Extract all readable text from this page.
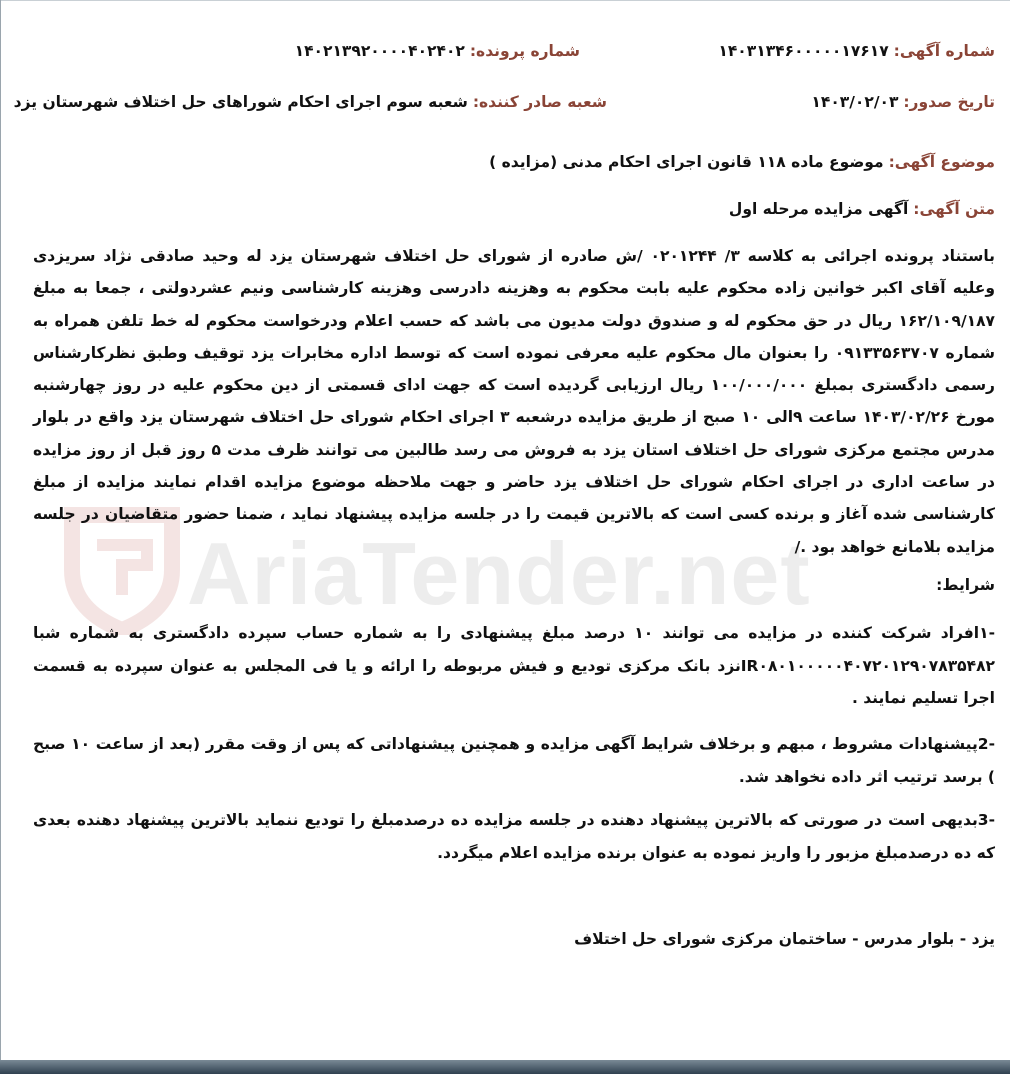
AriaTender.net
شماره آگهی: ۱۴۰۳۱۳۴۶۰۰۰۰۰۱۷۶۱۷
شماره پرونده: ۱۴۰۲۱۳۹۲۰۰۰۰۴۰۲۴۰۲
تاریخ صدور: ۱۴۰۳/۰۲/۰۳
شعبه صادر کننده: شعبه سوم اجرای احکام شوراهای حل اختلاف شهرستان یزد
موضوع آگهی: موضوع ماده ۱۱۸ قانون اجرای احکام مدنی (مزایده )
متن آگهی: آگهی مزایده مرحله اول
باستناد پرونده اجرائی به کلاسه ۳/ ۰۲۰۱۲۴۴ /ش صادره از شورای حل اختلاف شهرستان یزد له وحید صادقی نژاد سریزدی وعلیه آقای اکبر خوانین زاده محکوم علیه بابت محکوم به وهزینه دادرسی وهزینه کارشناسی ونیم عشردولتی ، جمعا به مبلغ ۱۶۲/۱۰۹/۱۸۷ ریال در حق محکوم له و صندوق دولت مدیون می باشد که حسب اعلام ودرخواست محکوم له خط تلفن همراه به شماره ۰۹۱۳۳۵۶۳۷۰۷ را بعنوان مال محکوم علیه معرفی نموده است که توسط اداره مخابرات یزد توقیف وطبق نظرکارشناس رسمی دادگستری بمبلغ ۱۰۰/۰۰۰/۰۰۰ ریال ارزیابی گردیده است که جهت ادای قسمتی از دین محکوم علیه در روز چهارشنبه مورخ ۱۴۰۳/۰۲/۲۶ ساعت ۹الی ۱۰ صبح از طریق مزایده درشعبه ۳ اجرای احکام شورای حل اختلاف شهرستان یزد واقع در بلوار مدرس مجتمع مرکزی شورای حل اختلاف استان یزد به فروش می رسد طالبین می توانند ظرف مدت ۵ روز قبل از روز مزایده در ساعت اداری در اجرای احکام شورای حل اختلاف یزد حاضر و جهت ملاحظه موضوع مزایده اقدام نمایند مزایده از مبلغ کارشناسی شده آغاز و برنده کسی است که بالاترین قیمت را در جلسه مزایده پیشنهاد نماید ، ضمنا حضور متقاضیان در جلسه مزایده بلامانع خواهد بود ./
شرایط:
-۱افراد شرکت کننده در مزایده می توانند ۱۰ درصد مبلغ پیشنهادی را به شماره حساب سپرده دادگستری به شماره شبا IR۰۸۰۱۰۰۰۰۰۴۰۷۲۰۱۲۹۰۷۸۳۵۴۸۲نزد بانک مرکزی تودیع و فیش مربوطه را ارائه و یا فی المجلس به عنوان سپرده به قسمت اجرا تسلیم نمایند .
-2پیشنهادات مشروط ، مبهم و برخلاف شرایط آگهی مزایده و همچنین پیشنهاداتی که پس از وقت مقرر (بعد از ساعت ۱۰ صبح ) برسد ترتیب اثر داده نخواهد شد.
-3بدیهی است در صورتی که بالاترین پیشنهاد دهنده در جلسه مزایده ده درصدمبلغ را تودیع ننماید بالاترین پیشنهاد دهنده بعدی که ده درصدمبلغ مزبور را واریز نموده به عنوان برنده مزایده اعلام میگردد.
یزد - بلوار مدرس - ساختمان مرکزی شورای حل اختلاف
